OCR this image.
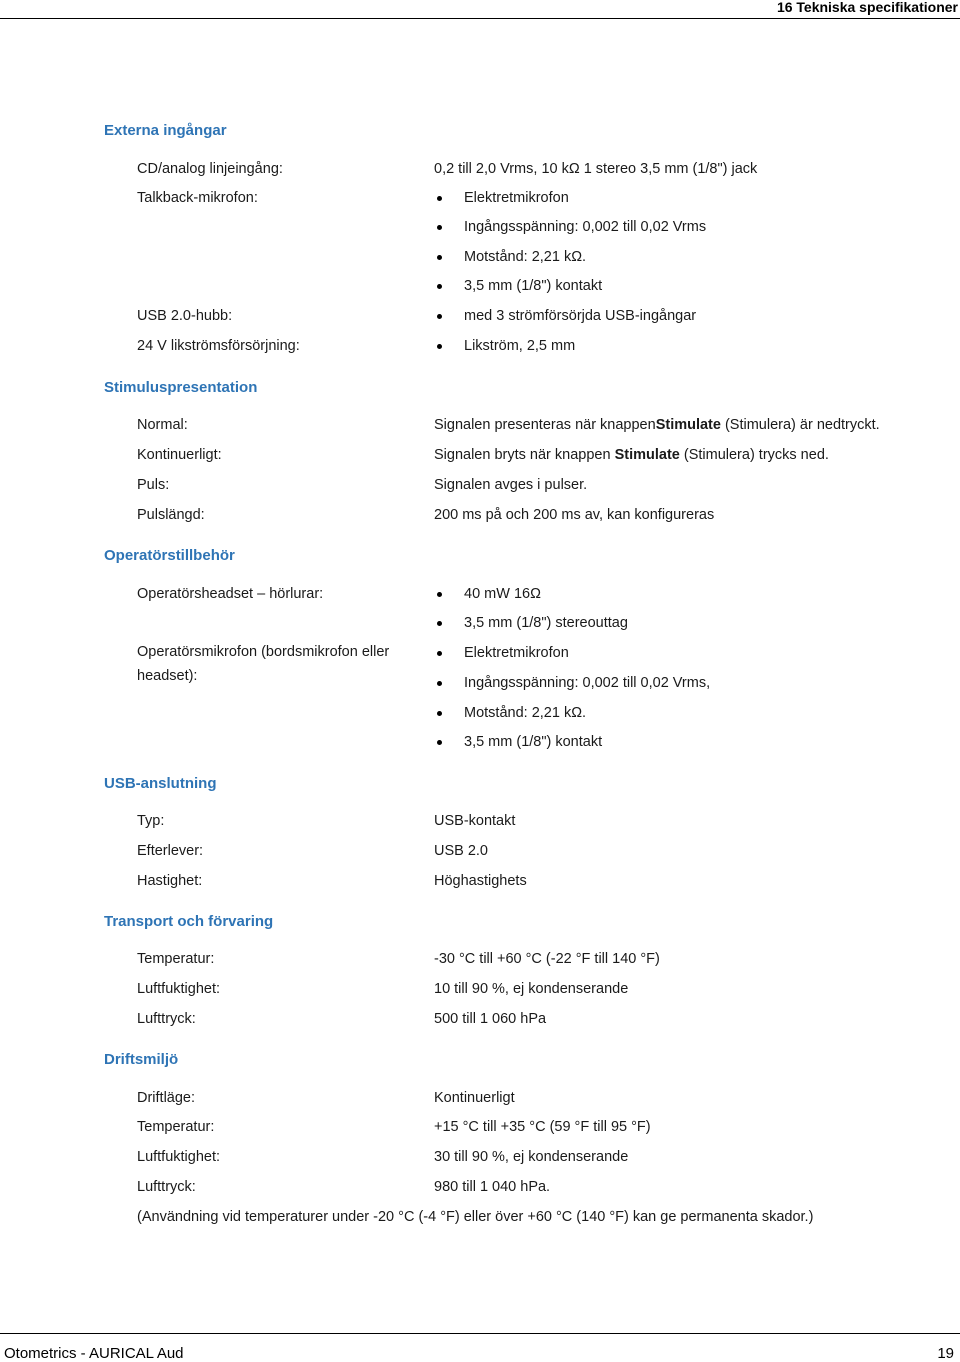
16 Tekniska specifikationer
Externa ingångar
CD/analog linjeingång:	0,2 till 2,0 Vrms, 10 kΩ 1 stereo 3,5 mm (1/8") jack
Talkback-mikrofon:	Elektretmikrofon
Ingångsspänning: 0,002 till 0,02 Vrms
Motstånd: 2,21 kΩ.
3,5 mm (1/8") kontakt
USB 2.0-hubb:	med 3 strömförsörjda USB-ingångar
24 V likströmsförsörjning:	Likström, 2,5 mm
Stimuluspresentation
Normal:	Signalen presenteras när knappenStimulate (Stimulera) är nedtryckt.
Kontinuerligt:	Signalen bryts när knappen Stimulate (Stimulera) trycks ned.
Puls:	Signalen avges i pulser.
Pulslängd:	200 ms på och 200 ms av, kan konfigureras
Operatörstillbehör
Operatörsheadset – hörlurar:	40 mW 16Ω
3,5 mm (1/8") stereouttag
Operatörsmikrofon (bordsmikrofon eller headset):
Elektretmikrofon
Ingångsspänning: 0,002 till 0,02 Vrms,
Motstånd: 2,21 kΩ.
3,5 mm (1/8") kontakt
USB-anslutning
Typ:	USB-kontakt
Efterlever:	USB 2.0
Hastighet:	Höghastighets
Transport och förvaring
Temperatur:	-30 °C till +60 °C (-22 °F till 140 °F)
Luftfuktighet:	10 till 90 %, ej kondenserande
Lufttryck:	500 till 1 060 hPa
Driftsmiljö
Driftläge:	Kontinuerligt
Temperatur:	+15 °C till +35 °C (59 °F till 95 °F)
Luftfuktighet:	30 till 90 %, ej kondenserande
Lufttryck:	980 till 1 040 hPa.
(Användning vid temperaturer under -20 °C (-4 °F) eller över +60 °C (140 °F) kan ge permanenta skador.)
Otometrics - AURICAL Aud	19
